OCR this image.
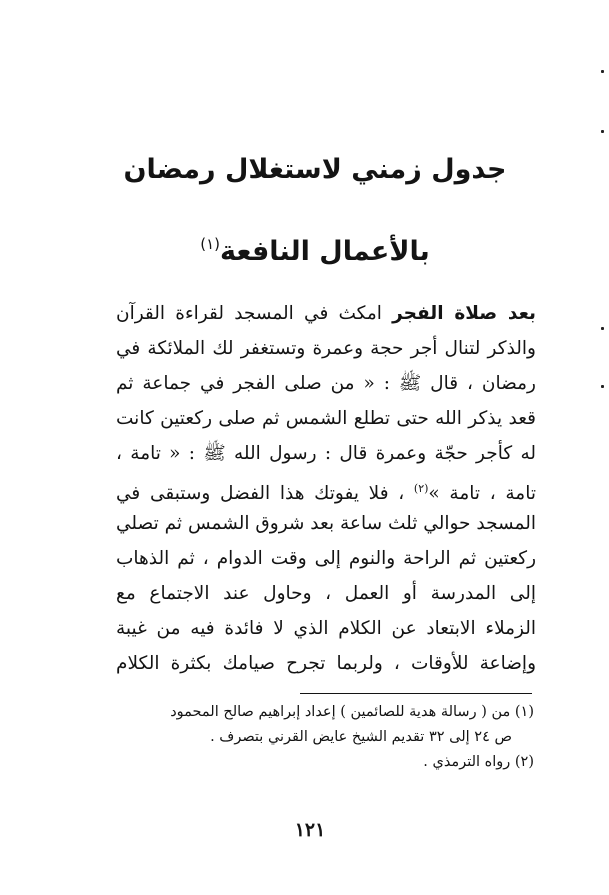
جدول زمني لاستغلال رمضان
بالأعمال النافعة$^{(١)}$
بعد صلاة الفجر امكث في المسجد لقراءة القرآن
والذكر لتنال أجر حجة وعمرة وتستغفر لك الملائكة في
رمضان ، قال ﷺ : « من صلى الفجر في جماعة ثم
قعد يذكر الله حتى تطلع الشمس ثم صلى ركعتين كانت
له كأجر حجّة وعمرة قال : رسول الله ﷺ : « تامة ،
تامة ، تامة »$^{(٢)}$ ، فلا يفوتك هذا الفضل وستبقى في
المسجد حوالي ثلث ساعة بعد شروق الشمس ثم تصلي
ركعتين ثم الراحة والنوم إلى وقت الدوام ، ثم الذهاب
إلى المدرسة أو العمل ، وحاول عند الاجتماع مع
الزملاء الابتعاد عن الكلام الذي لا فائدة فيه من غيبة
وإضاعة للأوقات ، ولربما تجرح صيامك بكثرة الكلام
(١) من ( رسالة هدية للصائمين ) إعداد إبراهيم صالح المحمود
ص ٢٤ إلى ٣٢ تقديم الشيخ عايض القرني بتصرف .
(٢) رواه الترمذي .
١٢١
